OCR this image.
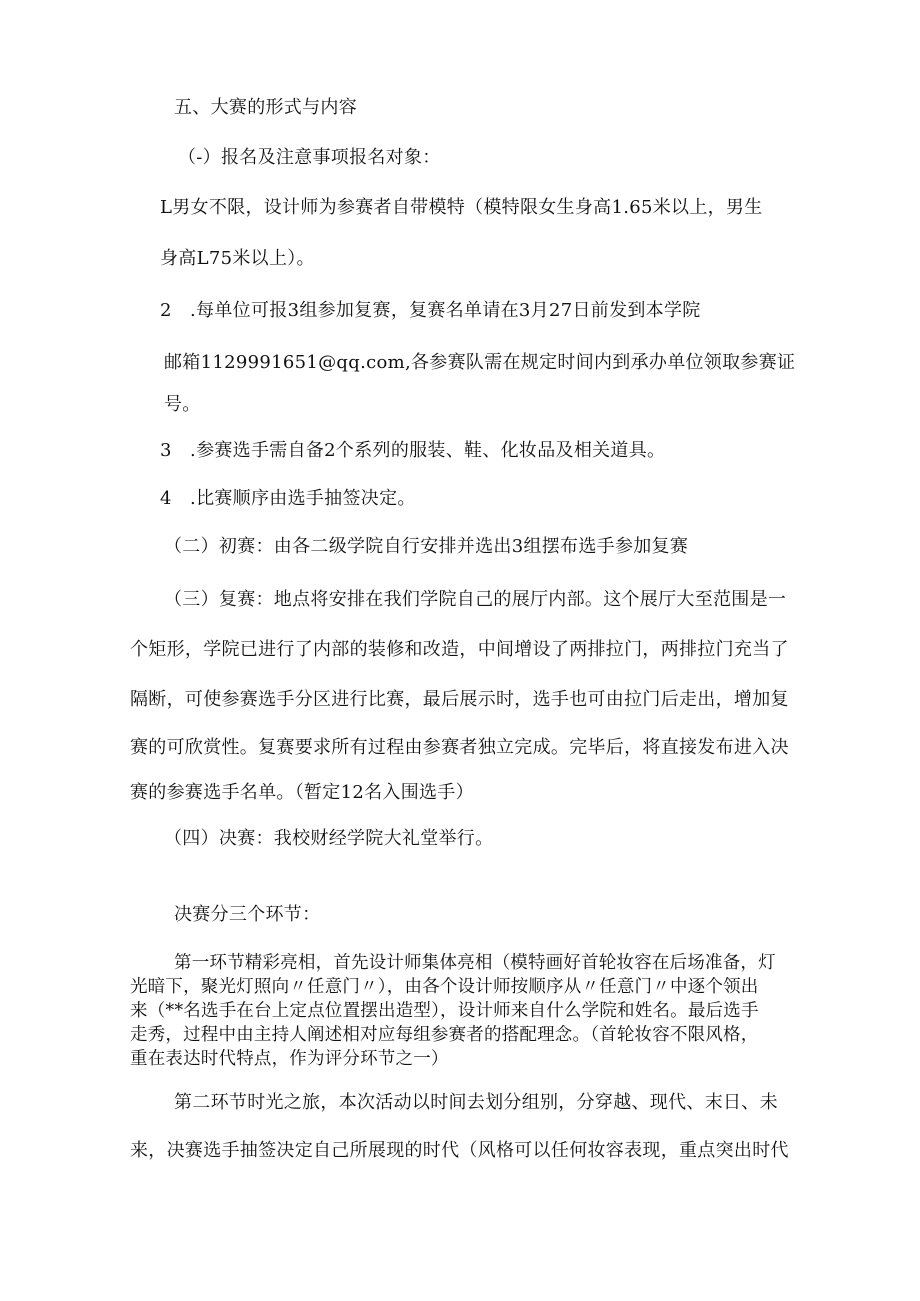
五、大赛的形式与内容
（-）报名及注意事项报名对象：
L男女不限，设计师为参赛者自带模特（模特限女生身高1.65米以上，男生
身高L75米以上）。
2　.每单位可报3组参加复赛，复赛名单请在3月27日前发到本学院
邮箱1129991651@qq.com,各参赛队需在规定时间内到承办单位领取参赛证
号。
3　.参赛选手需自备2个系列的服装、鞋、化妆品及相关道具。
4　.比赛顺序由选手抽签决定。
（二）初赛：由各二级学院自行安排并选出3组摆布选手参加复赛
（三）复赛：地点将安排在我们学院自己的展厅内部。这个展厅大至范围是一
个矩形，学院已进行了内部的装修和改造，中间增设了两排拉门，两排拉门充当了
隔断，可使参赛选手分区进行比赛，最后展示时，选手也可由拉门后走出，增加复
赛的可欣赏性。复赛要求所有过程由参赛者独立完成。完毕后，将直接发布进入决
赛的参赛选手名单。（暂定12名入围选手）
（四）决赛：我校财经学院大礼堂举行。
决赛分三个环节：
第一环节精彩亮相，首先设计师集体亮相（模特画好首轮妆容在后场准备，灯
光暗下，聚光灯照向〃任意门〃），由各个设计师按顺序从〃任意门〃中逐个领出
来（**名选手在台上定点位置摆出造型），设计师来自什么学院和姓名。最后选手
走秀，过程中由主持人阐述相对应每组参赛者的搭配理念。（首轮妆容不限风格，
重在表达时代特点，作为评分环节之一）
第二环节时光之旅，本次活动以时间去划分组别，分穿越、现代、末日、未
来，决赛选手抽签决定自己所展现的时代（风格可以任何妆容表现，重点突出时代
